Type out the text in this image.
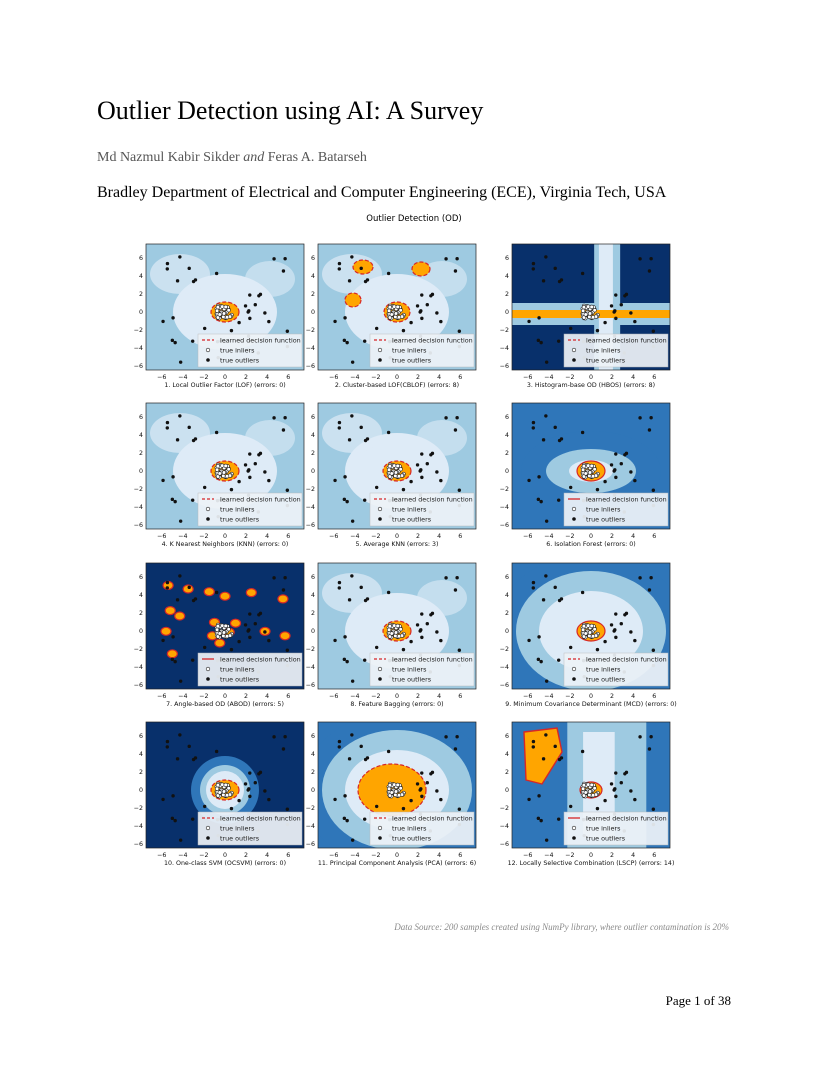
Outlier Detection using AI: A Survey
Md Nazmul Kabir Sikder and Feras A. Batarseh
Bradley Department of Electrical and Computer Engineering (ECE), Virginia Tech, USA
Outlier Detection (OD)
learned decision function
true inliers
true outliers
−6
−6
−4
−4
−2
−2
0
0
2
2
4
4
6
6
1. Local Outlier Factor (LOF) (errors: 0)
learned decision function
true inliers
true outliers
−6
−6
−4
−4
−2
−2
0
0
2
2
4
4
6
6
2. Cluster-based LOF(CBLOF) (errors: 8)
learned decision function
true inliers
true outliers
−6
−6
−4
−4
−2
−2
0
0
2
2
4
4
6
6
3. Histogram-base OD (HBOS) (errors: 8)
learned decision function
true inliers
true outliers
−6
−6
−4
−4
−2
−2
0
0
2
2
4
4
6
6
4. K Nearest Neighbors (KNN) (errors: 0)
learned decision function
true inliers
true outliers
−6
−6
−4
−4
−2
−2
0
0
2
2
4
4
6
6
5. Average KNN (errors: 3)
learned decision function
true inliers
true outliers
−6
−6
−4
−4
−2
−2
0
0
2
2
4
4
6
6
6. Isolation Forest (errors: 0)
learned decision function
true inliers
true outliers
−6
−6
−4
−4
−2
−2
0
0
2
2
4
4
6
6
7. Angle-based OD (ABOD) (errors: 5)
learned decision function
true inliers
true outliers
−6
−6
−4
−4
−2
−2
0
0
2
2
4
4
6
6
8. Feature Bagging (errors: 0)
learned decision function
true inliers
true outliers
−6
−6
−4
−4
−2
−2
0
0
2
2
4
4
6
6
9. Minimum Covariance Determinant (MCD) (errors: 0)
learned decision function
true inliers
true outliers
−6
−6
−4
−4
−2
−2
0
0
2
2
4
4
6
6
10. One-class SVM (OCSVM) (errors: 0)
learned decision function
true inliers
true outliers
−6
−6
−4
−4
−2
−2
0
0
2
2
4
4
6
6
11. Principal Component Analysis (PCA) (errors: 6)
learned decision function
true inliers
true outliers
−6
−6
−4
−4
−2
−2
0
0
2
2
4
4
6
6
12. Locally Selective Combination (LSCP) (errors: 14)
Data Source: 200 samples created using NumPy library, where outlier contamination is 20%
Page 1 of 38
